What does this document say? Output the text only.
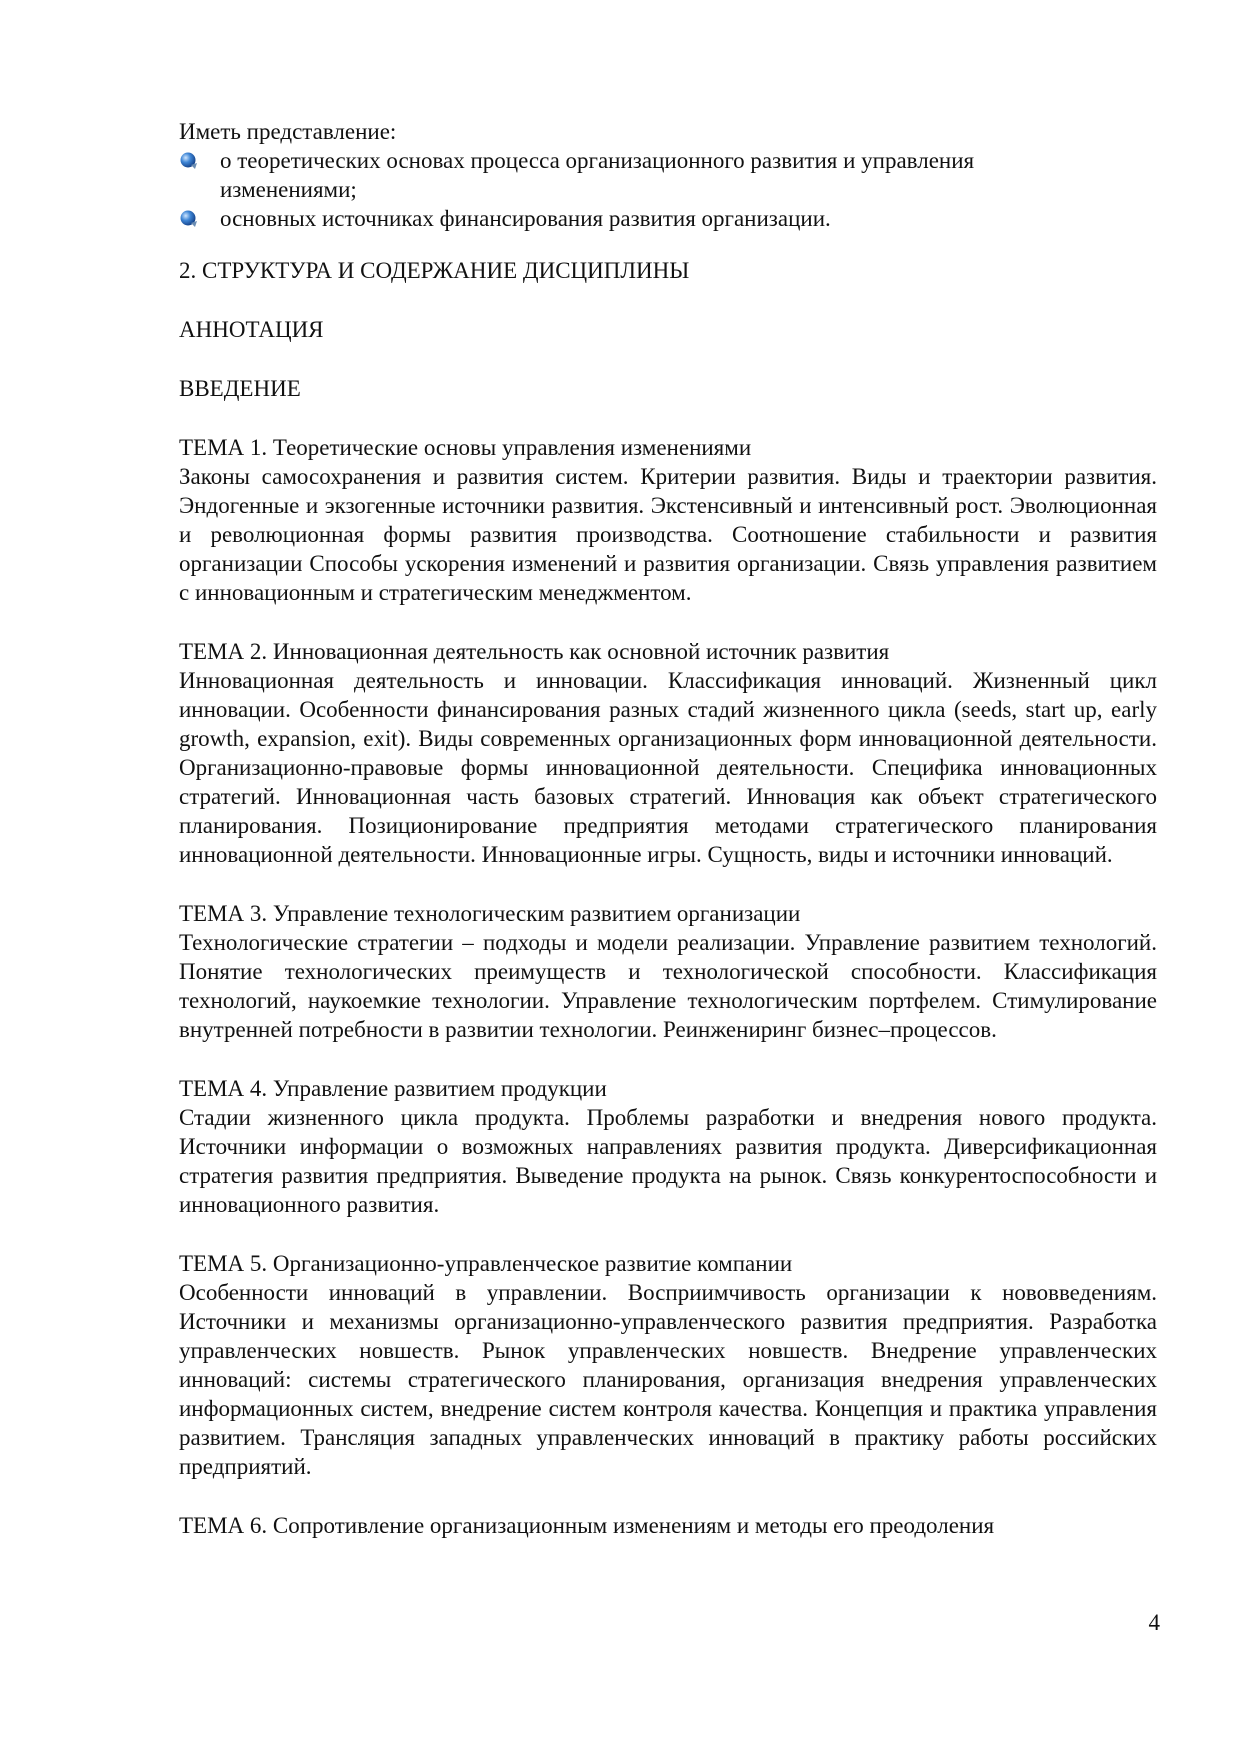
Иметь представление:

о теоретических основах процесса организационного развития и управления изменениями;
основных источниках финансирования развития организации.

2. СТРУКТУРА И СОДЕРЖАНИЕ ДИСЦИПЛИНЫ

АННОТАЦИЯ

ВВЕДЕНИЕ

ТЕМА 1. Теоретические основы управления изменениями

Законы самосохранения и развития систем. Критерии развития. Виды и траектории развития. Эндогенные и экзогенные источники развития. Экстенсивный и интенсивный рост. Эволюционная и революционная формы развития производства. Соотношение стабильности и развития организации Способы ускорения изменений и развития организации. Связь управления развитием с инновационным и стратегическим менеджментом.

ТЕМА 2. Инновационная деятельность как основной источник развития

Инновационная деятельность и инновации. Классификация инноваций. Жизненный цикл инновации. Особенности финансирования разных стадий жизненного цикла (seeds, start up, early growth, expansion, exit). Виды современных организационных форм инновационной деятельности. Организационно-правовые формы инновационной деятельности. Специфика инновационных стратегий. Инновационная часть базовых стратегий. Инновация как объект стратегического планирования. Позиционирование предприятия методами стратегического планирования инновационной деятельности. Инновационные игры. Сущность, виды и источники инноваций.

ТЕМА 3. Управление технологическим развитием организации

Технологические стратегии – подходы и модели реализации. Управление развитием технологий. Понятие технологических преимуществ и технологической способности. Классификация технологий, наукоемкие технологии. Управление технологическим портфелем. Стимулирование внутренней потребности в развитии технологии. Реинжениринг бизнес–процессов.

ТЕМА 4. Управление развитием продукции

Стадии жизненного цикла продукта. Проблемы разработки и внедрения нового продукта. Источники информации о возможных направлениях развития продукта. Диверсификационная стратегия развития предприятия. Выведение продукта на рынок. Связь конкурентоспособности и инновационного развития.

ТЕМА 5. Организационно-управленческое развитие компании

Особенности инноваций в управлении. Восприимчивость организации к нововведениям. Источники и механизмы организационно-управленческого развития предприятия. Разработка управленческих новшеств. Рынок управленческих новшеств. Внедрение управленческих инноваций: системы стратегического планирования, организация внедрения управленческих информационных систем, внедрение систем контроля качества. Концепция и практика управления развитием. Трансляция западных управленческих инноваций в практику работы российских предприятий.

ТЕМА 6. Сопротивление организационным изменениям и методы его преодоления

4
